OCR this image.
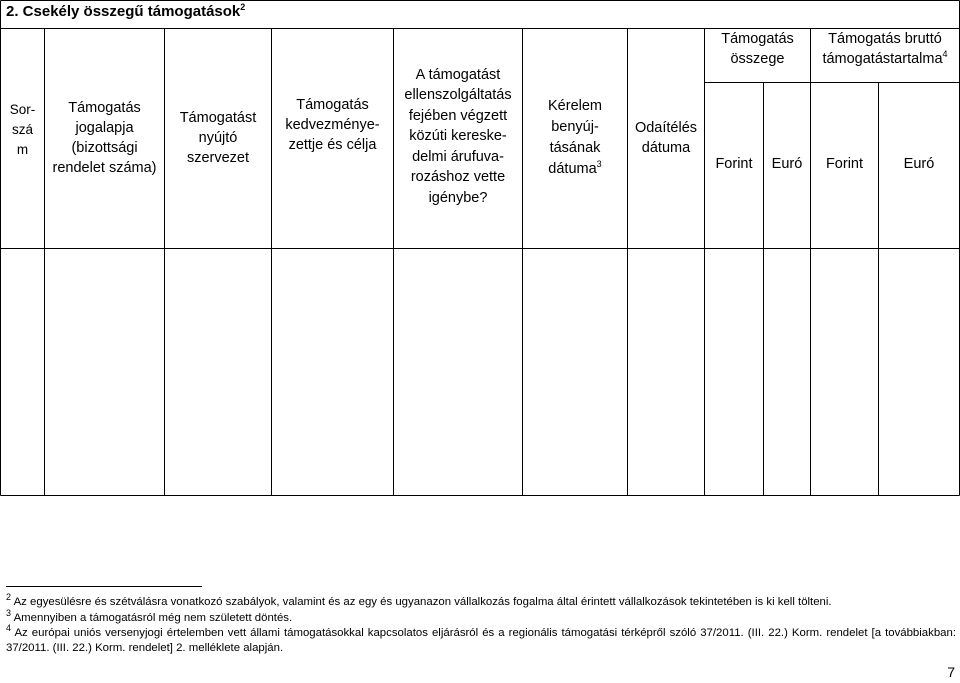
2. Csekély összegű támogatások$^2$
Sor-
szá
m
Támogatás
jogalapja
(bizottsági
rendelet száma)
Támogatást
nyújtó
szervezet
Támogatás
kedvezménye-
zettje és célja
A támogatást
ellenszolgáltatás
fejében végzett
közúti kereske-
delmi árufuva-
rozáshoz vette
igénybe?
Kérelem
benyúj-
tásának
dátuma$^3$
Odaítélés
dátuma
Támogatás
összege
Támogatás bruttó
támogatástartalma$^4$
Forint Euró Forint	Euró
$^2$ Az egyesülésre és szétválásra vonatkozó szabályok, valamint és az egy és ugyanazon vállalkozás fogalma által érintett vállalkozások tekintetében is ki kell tölteni.
$^3$ Amennyiben a támogatásról még nem született döntés.
$^4$ Az európai uniós versenyjogi értelemben vett állami támogatásokkal kapcsolatos eljárásról és a regionális támogatási térképről szóló 37/2011. (III. 22.) Korm. rendelet [a továbbiakban: 37/2011. (III. 22.) Korm. rendelet] 2. melléklete alapján.
7
